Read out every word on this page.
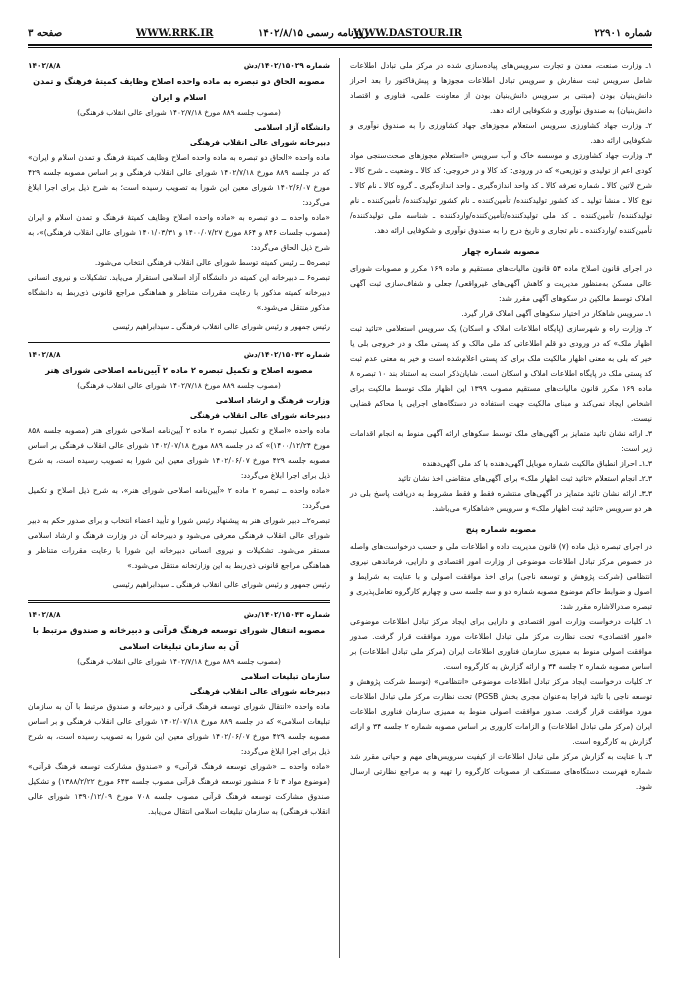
شماره ۲۲۹۰۱
WWW.DASTOUR.IR
روزنامه رسمی ۱۴۰۲/۸/۱۵
WWW.RRK.IR
صفحه ۳

۱ـ وزارت صنعت، معدن و تجارت سرویس‌های پیاده‌سازی شده در مرکز ملی تبادل اطلاعات شامل سرویس ثبت سفارش و سرویس تبادل اطلاعات مجوزها و پیش‌فاکتور را بعد احراز دانش‌بنیان بودن (مبتنی بر سرویس دانش‌بنیان بودن از معاونت علمی، فناوری و اقتصاد دانش‌بنیان) به صندوق نوآوری و شکوفایی ارائه دهد.

۲ـ وزارت جهاد کشاورزی سرویس استعلام مجوزهای جهاد کشاورزی را به صندوق نوآوری و شکوفایی ارائه دهد.

۳ـ وزارت جهاد کشاورزی و موسسه خاک و آب سرویس «استعلام مجوزهای صحت‌سنجی مواد کودی اعم از تولیدی و توزیعی» که در ورودی: کد کالا و در خروجی: کد کالا ـ وضعیت ـ شرح کالا ـ شرح لاتین کالا ـ شماره تعرفه کالا ـ کد واحد اندازه‌گیری ـ واحد اندازه‌گیری ـ گروه کالا ـ نام کالا ـ نوع کالا ـ منشأ تولید ـ کد کشور تولیدکننده/ تأمین‌کننده ـ نام کشور تولیدکننده/ تأمین‌کننده ـ نام تولیدکننده/ تأمین‌کننده ـ کد ملی تولیدکننده/تأمین‌کننده/واردکننده ـ شناسه ملی تولیدکننده/تأمین‌کننده /واردکننده ـ نام تجاری و تاریخ درج را به صندوق نوآوری و شکوفایی ارائه دهد.

مصوبه شماره چهار

در اجرای قانون اصلاح ماده ۵۴ قانون مالیات‌های مستقیم و ماده ۱۶۹ مکرر و مصوبات شورای عالی مسکن به‌منظور مدیریت و کاهش آگهی‌های غیرواقعی/ جعلی و شفاف‌سازی ثبت آگهی املاک توسط مالکین در سکوهای آگهی مقرر شد:

۱ـ سرویس شاهکار در اختیار سکوهای آگهی املاک قرار گیرد.

۲ـ وزارت راه و شهرسازی (پایگاه اطلاعات املاک و اسکان) یک سرویس استعلامی «تائید ثبت اظهار ملک» که در ورودی دو قلم اطلاعاتی کد ملی مالک و کد پستی ملک و در خروجی بلی یا خیر که بلی به معنی اظهار مالکیت ملک برای کد پستی اعلام‌شده است و خیر به معنی عدم ثبت کد پستی ملک در پایگاه اطلاعات املاک و اسکان است. شایان‌ذکر است به استناد بند ۱۰ تبصره ۸ ماده ۱۶۹ مکرر قانون مالیات‌های مستقیم مصوب ۱۳۹۹ این اظهار ملک توسط مالکیت برای اشخاص ایجاد نمی‌کند و مبنای مالکیت جهت استفاده در دستگاه‌های اجرایی یا محاکم قضایی نیست.

۳ـ ارائه نشان تائید متمایز بر آگهی‌های ملک توسط سکوهای ارائه آگهی منوط به انجام اقدامات زیر است:

۳ـ۱ـ احراز انطباق مالکیت شماره موبایل آگهی‌دهنده با کد ملی آگهی‌دهنده

۳ـ۲ـ انجام استعلام «تائید ثبت اظهار ملک» برای آگهی‌های متقاضی اخذ نشان تائید

۳ـ۳ـ ارائه نشان تائید متمایز در آگهی‌های منتشره فقط و فقط مشروط به دریافت پاسخ بلی در هر دو سرویس «تائید ثبت اظهار ملک» و سرویس «شاهکار» می‌باشد.

مصوبه شماره پنج

در اجرای تبصره ذیل ماده (۷) قانون مدیریت داده و اطلاعات ملی و حسب درخواست‌های واصله در خصوص مرکز تبادل اطلاعات موضوعی از وزارت امور اقتصادی و دارایی، فرماندهی نیروی انتظامی (شرکت پژوهش و توسعه ناجی) برای اخذ موافقت اصولی و با عنایت به شرایط و اصول و ضوابط حاکم موضوع مصوبه شماره دو و سه جلسه سی و چهارم کارگروه تعامل‌پذیری و تبصره صدرالاشاره مقرر شد:

۱ـ کلیات درخواست وزارت امور اقتصادی و دارایی برای ایجاد مرکز تبادل اطلاعات موضوعی «امور اقتصادی» تحت نظارت مرکز ملی تبادل اطلاعات مورد موافقت قرار گرفت. صدور موافقت اصولی منوط به ممیزی سازمان فناوری اطلاعات ایران (مرکز ملی تبادل اطلاعات) بر اساس مصوبه شماره ۲ جلسه ۳۴ و ارائه گزارش به کارگروه است.

۲ـ کلیات درخواست ایجاد مرکز تبادل اطلاعات موضوعی «انتظامی» (توسط شرکت پژوهش و توسعه ناجی با تائید فراجا به‌عنوان مجری بخش PGSB) تحت نظارت مرکز ملی تبادل اطلاعات مورد موافقت قرار گرفت. صدور موافقت اصولی منوط به ممیزی سازمان فناوری اطلاعات ایران (مرکز ملی تبادل اطلاعات) و الزامات کاروری بر اساس مصوبه شماره ۲ جلسه ۳۴ و ارائه گزارش به کارگروه است.

۳ـ با عنایت به گزارش مرکز ملی تبادل اطلاعات از کیفیت سرویس‌های مهم و حیاتی مقرر شد شماره فهرست دستگاه‌های مستنکف از مصوبات کارگروه را تهیه و به مراجع نظارتی ارسال شود.

شماره ۱۴۰۲/۱۵۰۲۹/دش
۱۴۰۲/۸/۸
مصوبه الحاق دو تبصره به ماده واحده اصلاح وظایف کمیتهٔ فرهنگ و تمدن اسلام و ایران
(مصوب جلسه ۸۸۹ مورخ ۱۴۰۲/۷/۱۸ شورای عالی انقلاب فرهنگی)

دانشگاه آزاد اسلامی

دبیرخانه شورای عالی انقلاب فرهنگی

ماده واحده «الحاق دو تبصره به ماده واحده اصلاح وظایف کمیتهٔ فرهنگ و تمدن اسلام و ایران» که در جلسه ۸۸۹ مورخ ۱۴۰۲/۷/۱۸ شورای عالی انقلاب فرهنگی و بر اساس مصوبه جلسه ۴۲۹ مورخ ۱۴۰۲/۶/۰۷ شورای معین این شورا به تصویب رسیده است؛ به شرح ذیل برای اجرا ابلاغ می‌گردد:

«ماده واحده ــ دو تبصره به «ماده واحده اصلاح وظایف کمیتهٔ فرهنگ و تمدن اسلام و ایران (مصوب جلسات ۸۴۶ و ۸۶۴ مورخ ۱۴۰۰/۰۷/۲۷ و ۱۴۰۱/۰۳/۳۱ شورای عالی انقلاب فرهنگی)»، به شرح ذیل الحاق می‌گردد:

تبصره۵ ــ رئیس کمیته توسط شورای عالی انقلاب فرهنگی انتخاب می‌شود.

تبصره۶ ــ دبیرخانه این کمیته در دانشگاه آزاد اسلامی استقرار می‌یابد. تشکیلات و نیروی انسانی دبیرخانه کمیته مذکور با رعایت مقررات متناظر و هماهنگی مراجع قانونی ذی‌ربط به دانشگاه مذکور منتقل می‌شود.»

رئیس جمهور و رئیس شورای عالی انقلاب فرهنگی ـ سیدابراهیم رئیسی

شماره ۱۴۰۲/۱۵۰۴۲/دش
۱۴۰۲/۸/۸
مصوبه اصلاح و تکمیل تبصره ۲ ماده ۲ آیین‌نامه اصلاحی شورای هنر
(مصوب جلسه ۸۸۹ مورخ ۱۴۰۲/۷/۱۸ شورای عالی انقلاب فرهنگی)

وزارت فرهنگ و ارشاد اسلامی

دبیرخانه شورای عالی انقلاب فرهنگی

ماده واحده «اصلاح و تکمیل تبصره ۲ ماده ۲ آیین‌نامه اصلاحی شورای هنر (مصوبه جلسه ۸۵۸ مورخ ۱۴۰۰/۱۲/۲۴)» که در جلسه ۸۸۹ مورخ ۱۴۰۲/۰۷/۱۸ شورای عالی انقلاب فرهنگی بر اساس مصوبه جلسه ۴۲۹ مورخ ۱۴۰۲/۰۶/۰۷ شورای معین این شورا به تصویب رسیده است، به شرح ذیل برای اجرا ابلاغ می‌گردد:

«ماده واحده ــ تبصره ۲ ماده ۲ «آیین‌نامه اصلاحی شورای هنر»، به شرح ذیل اصلاح و تکمیل می‌گردد:

تبصره۲ــ دبیر شورای هنر به پیشنهاد رئیس شورا و تأیید اعضاء انتخاب و برای صدور حکم به دبیر شورای عالی انقلاب فرهنگی معرفی می‌شود و دبیرخانه آن در وزارت فرهنگ و ارشاد اسلامی مستقر می‌شود. تشکیلات و نیروی انسانی دبیرخانه این شورا با رعایت مقررات متناظر و هماهنگی مراجع قانونی ذی‌ربط به این وزارتخانه منتقل می‌شود.»

رئیس جمهور و رئیس شورای عالی انقلاب فرهنگی ـ سیدابراهیم رئیسی

شماره ۱۴۰۲/۱۵۰۴۳/دش
۱۴۰۲/۸/۸
مصوبه انتقال شورای توسعه فرهنگ قرآنی و دبیرخانه و صندوق مرتبط با آن به سازمان تبلیغات اسلامی
(مصوب جلسه ۸۸۹ مورخ ۱۴۰۲/۷/۱۸ شورای عالی انقلاب فرهنگی)

سازمان تبلیغات اسلامی

دبیرخانه شورای عالی انقلاب فرهنگی

ماده واحده «انتقال شورای توسعه فرهنگ قرآنی و دبیرخانه و صندوق مرتبط با آن به سازمان تبلیغات اسلامی» که در جلسه ۸۸۹ مورخ ۱۴۰۲/۰۷/۱۸ شورای عالی انقلاب فرهنگی و بر اساس مصوبه جلسه ۴۲۹ مورخ ۱۴۰۲/۰۶/۰۷ شورای معین این شورا به تصویب رسیده است، به شرح ذیل برای اجرا ابلاغ می‌گردد:

«ماده واحده ــ «شورای توسعه فرهنگ قرآنی» و «صندوق مشارکت توسعه فرهنگ قرآنی» (موضوع مواد ۳ تا ۶ منشور توسعه فرهنگ قرآنی مصوب جلسه ۶۴۳ مورخ ۱۳۸۸/۲/۲۲) و تشکیل صندوق مشارکت توسعه فرهنگ قرآنی مصوب جلسه ۷۰۸ مورخ ۱۳۹۰/۱۲/۰۹ شورای عالی انقلاب فرهنگی) به سازمان تبلیغات اسلامی انتقال می‌یابد.
